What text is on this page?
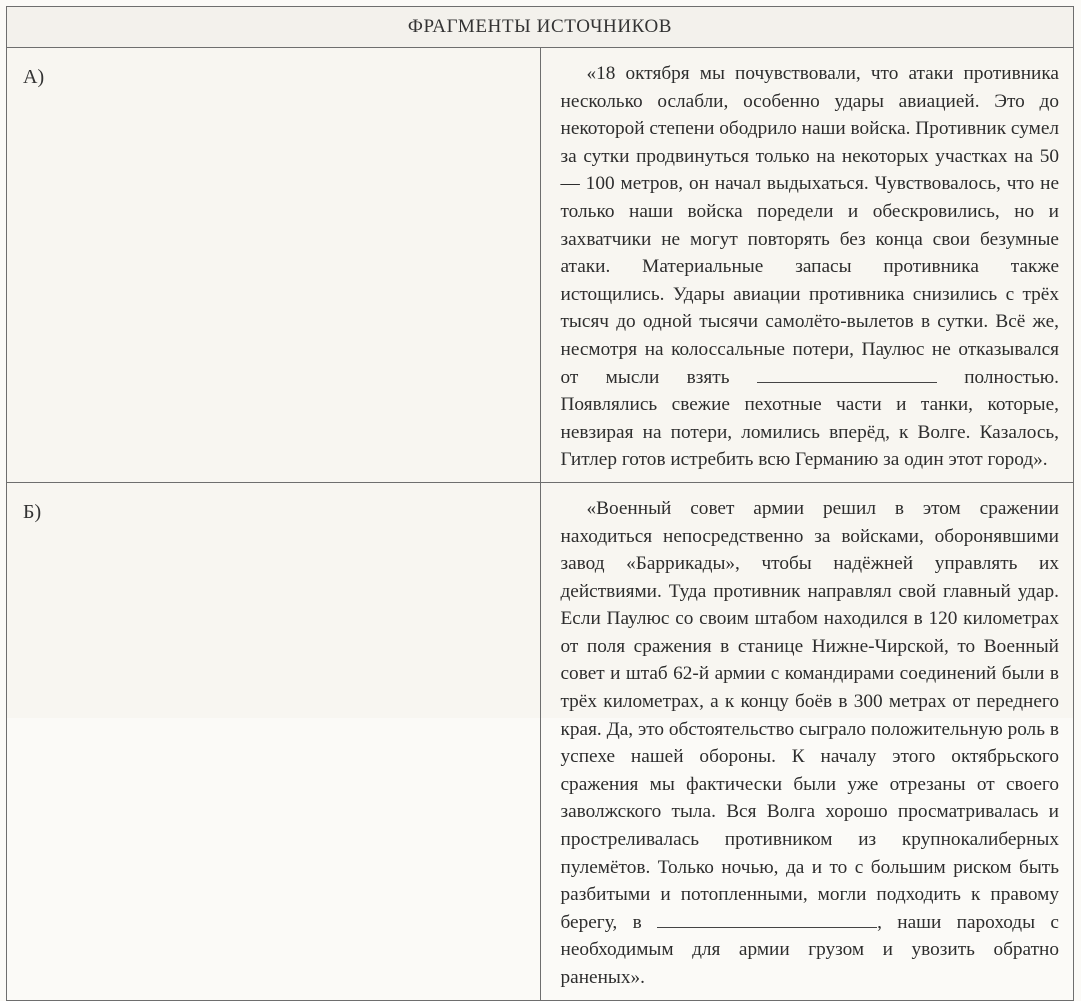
ФРАГМЕНТЫ ИСТОЧНИКОВ	
А)	«18 октября мы почувствовали, что атаки противника несколько ослабли, особенно удары авиацией. Это до некоторой степени ободрило наши войска. Противник сумел за сутки продвинуться только на некоторых участках на 50 — 100 метров, он начал выдыхаться. Чувствовалось, что не только наши войска поредели и обескровились, но и захватчики не могут повторять без конца свои безумные атаки. Материальные запасы противника также истощились. Удары авиации противника снизились с трёх тысяч до одной тысячи самолёто-вылетов в сутки. Всё же, несмотря на колоссальные потери, Паулюс не отказывался от мысли взять полностью. Появлялись свежие пехотные части и танки, которые, невзирая на потери, ломились вперёд, к Волге. Казалось, Гитлер готов истребить всю Германию за один этот город».

Б)	«Военный совет армии решил в этом сражении находиться непосредственно за войсками, оборонявшими завод «Баррикады», чтобы надёжней управлять их действиями. Туда противник направлял свой главный удар. Если Паулюс со своим штабом находился в 120 километрах от поля сражения в станице Нижне-Чирской, то Военный совет и штаб 62-й армии с командирами соединений были в трёх километрах, а к концу боёв в 300 метрах от переднего края. Да, это обстоятельство сыграло положительную роль в успехе нашей обороны. К началу этого октябрьского сражения мы фактически были уже отрезаны от своего заволжского тыла. Вся Волга хорошо просматривалась и простреливалась противником из крупнокалиберных пулемётов. Только ночью, да и то с большим риском быть разбитыми и потопленными, могли подходить к правому берегу, в , наши пароходы с необходимым для армии грузом и увозить обратно раненых».
